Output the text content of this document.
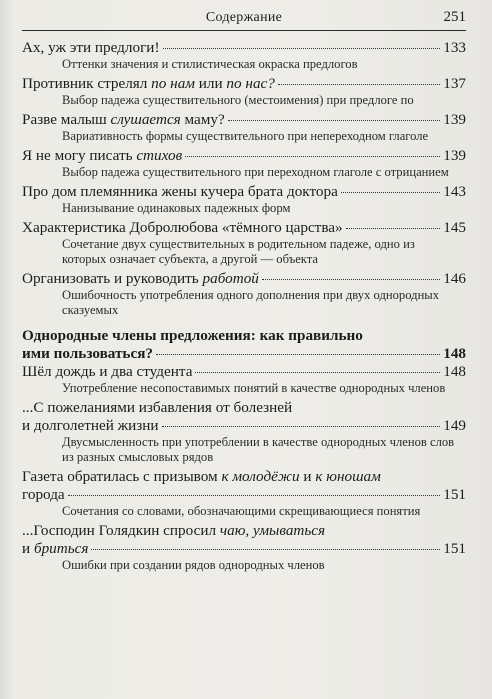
Содержание	251
Ах, уж эти предлоги!	133
Оттенки значения и стилистическая окраска предлогов
Противник стрелял по нам или по нас?	137
Выбор падежа существительного (местоимения) при предлоге по
Разве малыш слушается маму?	139
Вариативность формы существительного при непереходном глаголе
Я не могу писать стихов	139
Выбор падежа существительного при переходном глаголе с отрицанием
Про дом племянника жены кучера брата доктора	143
Нанизывание одинаковых падежных форм
Характеристика Добролюбова «тёмного царства»	145
Сочетание двух существительных в родительном падеже, одно из которых означает субъекта, а другой — объекта
Организовать и руководить работой	146
Ошибочность употребления одного дополнения при двух однородных сказуемых
Однородные члены предложения: как правильно
ими пользоваться?	148
Шёл дождь и два студента	148
Употребление несопоставимых понятий в качестве однородных членов
...С пожеланиями избавления от болезней
и долголетней жизни	149
Двусмысленность при употреблении в качестве однородных членов слов из разных смысловых рядов
Газета обратилась с призывом к молодёжи и к юношам
города	151
Сочетания со словами, обозначающими скрещивающиеся понятия
...Господин Голядкин спросил чаю, умываться
и бриться	151
Ошибки при создании рядов однородных членов
